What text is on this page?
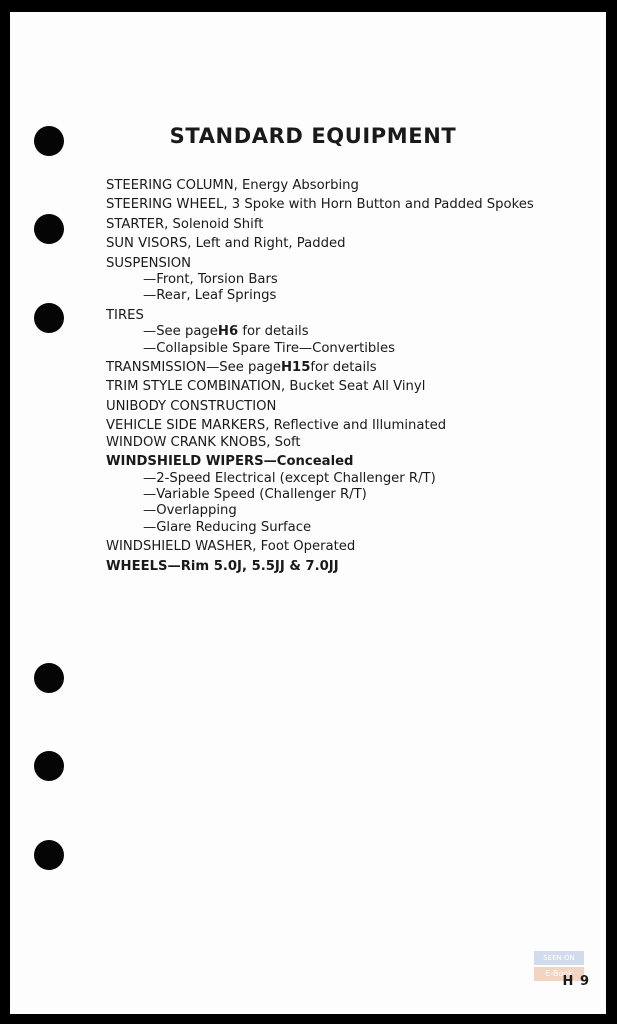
STANDARD EQUIPMENT
STEERING COLUMN, Energy Absorbing
STEERING WHEEL, 3 Spoke with Horn Button and Padded Spokes
STARTER, Solenoid Shift
SUN VISORS, Left and Right, Padded
SUSPENSION
—Front, Torsion Bars
—Rear, Leaf Springs
TIRES
—See pageH6 for details
—Collapsible Spare Tire—Convertibles
TRANSMISSION—See pageH15for details
TRIM STYLE COMBINATION, Bucket Seat All Vinyl
UNIBODY CONSTRUCTION
VEHICLE SIDE MARKERS, Reflective and Illuminated
WINDOW CRANK KNOBS, Soft
WINDSHIELD WIPERS—Concealed
—2-Speed Electrical (except Challenger R/T)
—Variable Speed (Challenger R/T)
—Overlapping
—Glare Reducing Surface
WINDSHIELD WASHER, Foot Operated
WHEELS—Rim 5.0J, 5.5JJ & 7.0JJ
SEEN ON
E-Book
H 9
